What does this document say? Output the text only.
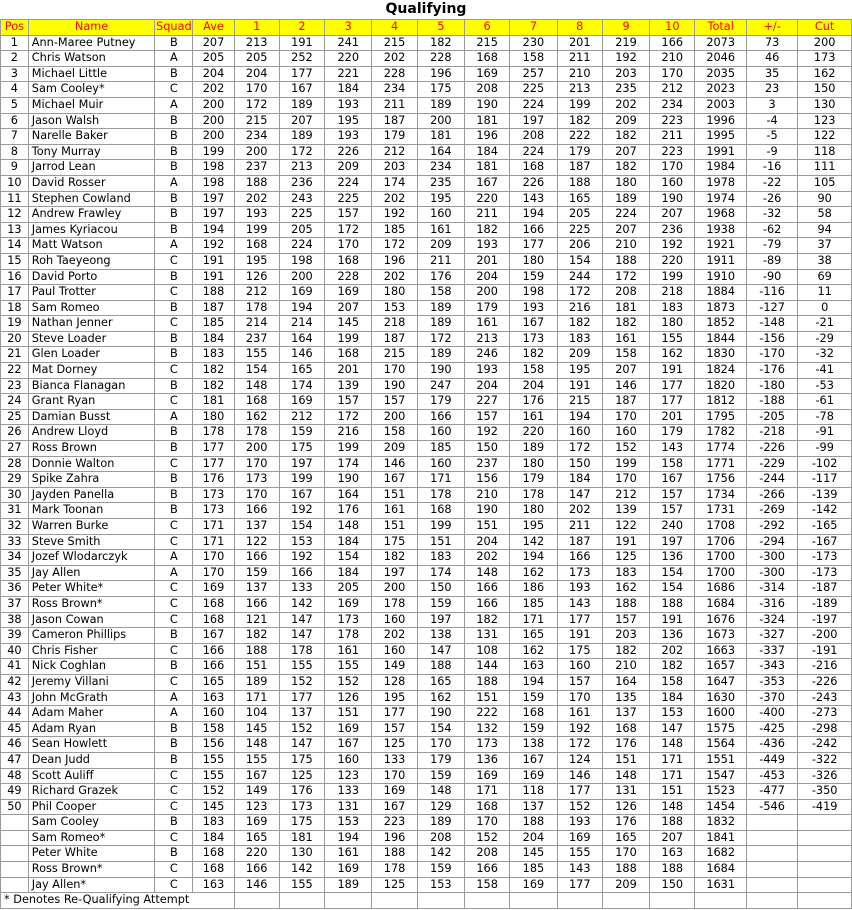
Qualifying
Pos	Name	Squad	Ave	1	2	3	4	5	6	7	8	9	10	Total	+/-	Cut
1	Ann-Maree Putney	B	207	213	191	241	215	182	215	230	201	219	166	2073	73	200
2	Chris Watson	A	205	205	252	220	202	228	168	158	211	192	210	2046	46	173
3	Michael Little	B	204	204	177	221	228	196	169	257	210	203	170	2035	35	162
4	Sam Cooley*	C	202	170	167	184	234	175	208	225	213	235	212	2023	23	150
5	Michael Muir	A	200	172	189	193	211	189	190	224	199	202	234	2003	3	130
6	Jason Walsh	B	200	215	207	195	187	200	181	197	182	209	223	1996	-4	123
7	Narelle Baker	B	200	234	189	193	179	181	196	208	222	182	211	1995	-5	122
8	Tony Murray	B	199	200	172	226	212	164	184	224	179	207	223	1991	-9	118
9	Jarrod Lean	B	198	237	213	209	203	234	181	168	187	182	170	1984	-16	111
10	David Rosser	A	198	188	236	224	174	235	167	226	188	180	160	1978	-22	105
11	Stephen Cowland	B	197	202	243	225	202	195	220	143	165	189	190	1974	-26	90
12	Andrew Frawley	B	197	193	225	157	192	160	211	194	205	224	207	1968	-32	58
13	James Kyriacou	B	194	199	205	172	185	161	182	166	225	207	236	1938	-62	94
14	Matt Watson	A	192	168	224	170	172	209	193	177	206	210	192	1921	-79	37
15	Roh Taeyeong	C	191	195	198	168	196	211	201	180	154	188	220	1911	-89	38
16	David Porto	B	191	126	200	228	202	176	204	159	244	172	199	1910	-90	69
17	Paul Trotter	C	188	212	169	169	180	158	200	198	172	208	218	1884	-116	11
18	Sam Romeo	B	187	178	194	207	153	189	179	193	216	181	183	1873	-127	0
19	Nathan Jenner	C	185	214	214	145	218	189	161	167	182	182	180	1852	-148	-21
20	Steve Loader	B	184	237	164	199	187	172	213	173	183	161	155	1844	-156	-29
21	Glen Loader	B	183	155	146	168	215	189	246	182	209	158	162	1830	-170	-32
22	Mat Dorney	C	182	154	165	201	170	190	193	158	195	207	191	1824	-176	-41
23	Bianca Flanagan	B	182	148	174	139	190	247	204	204	191	146	177	1820	-180	-53
24	Grant Ryan	C	181	168	169	157	157	179	227	176	215	187	177	1812	-188	-61
25	Damian Busst	A	180	162	212	172	200	166	157	161	194	170	201	1795	-205	-78
26	Andrew Lloyd	B	178	178	159	216	158	160	192	220	160	160	179	1782	-218	-91
27	Ross Brown	B	177	200	175	199	209	185	150	189	172	152	143	1774	-226	-99
28	Donnie Walton	C	177	170	197	174	146	160	237	180	150	199	158	1771	-229	-102
29	Spike Zahra	B	176	173	199	190	167	171	156	179	184	170	167	1756	-244	-117
30	Jayden Panella	B	173	170	167	164	151	178	210	178	147	212	157	1734	-266	-139
31	Mark Toonan	B	173	166	192	176	161	168	190	180	202	139	157	1731	-269	-142
32	Warren Burke	C	171	137	154	148	151	199	151	195	211	122	240	1708	-292	-165
33	Steve Smith	C	171	122	153	184	175	151	204	142	187	191	197	1706	-294	-167
34	Jozef Wlodarczyk	A	170	166	192	154	182	183	202	194	166	125	136	1700	-300	-173
35	Jay Allen	A	170	159	166	184	197	174	148	162	173	183	154	1700	-300	-173
36	Peter White*	C	169	137	133	205	200	150	166	186	193	162	154	1686	-314	-187
37	Ross Brown*	C	168	166	142	169	178	159	166	185	143	188	188	1684	-316	-189
38	Jason Cowan	C	168	121	147	173	160	197	182	171	177	157	191	1676	-324	-197
39	Cameron Phillips	B	167	182	147	178	202	138	131	165	191	203	136	1673	-327	-200
40	Chris Fisher	C	166	188	178	161	160	147	108	162	175	182	202	1663	-337	-191
41	Nick Coghlan	B	166	151	155	155	149	188	144	163	160	210	182	1657	-343	-216
42	Jeremy Villani	C	165	189	152	152	128	165	188	194	157	164	158	1647	-353	-226
43	John McGrath	A	163	171	177	126	195	162	151	159	170	135	184	1630	-370	-243
44	Adam Maher	A	160	104	137	151	177	190	222	168	161	137	153	1600	-400	-273
45	Adam Ryan	B	158	145	152	169	157	154	132	159	192	168	147	1575	-425	-298
46	Sean Howlett	B	156	148	147	167	125	170	173	138	172	176	148	1564	-436	-242
47	Dean Judd	B	155	155	175	160	133	179	136	167	124	151	171	1551	-449	-322
48	Scott Auliff	C	155	167	125	123	170	159	169	169	146	148	171	1547	-453	-326
49	Richard Grazek	C	152	149	176	133	169	148	171	118	177	131	151	1523	-477	-350
50	Phil Cooper	C	145	123	173	131	167	129	168	137	152	126	148	1454	-546	-419
	Sam Cooley	B	183	169	175	153	223	189	170	188	193	176	188	1832		
	Sam Romeo*	C	184	165	181	194	196	208	152	204	169	165	207	1841		
	Peter White	B	168	220	130	161	188	142	208	145	155	170	163	1682		
	Ross Brown*	C	168	166	142	169	178	159	166	185	143	188	188	1684		
	Jay Allen*	C	163	146	155	189	125	153	158	169	177	209	150	1631		
* Denotes Re-Qualifying Attempt																
